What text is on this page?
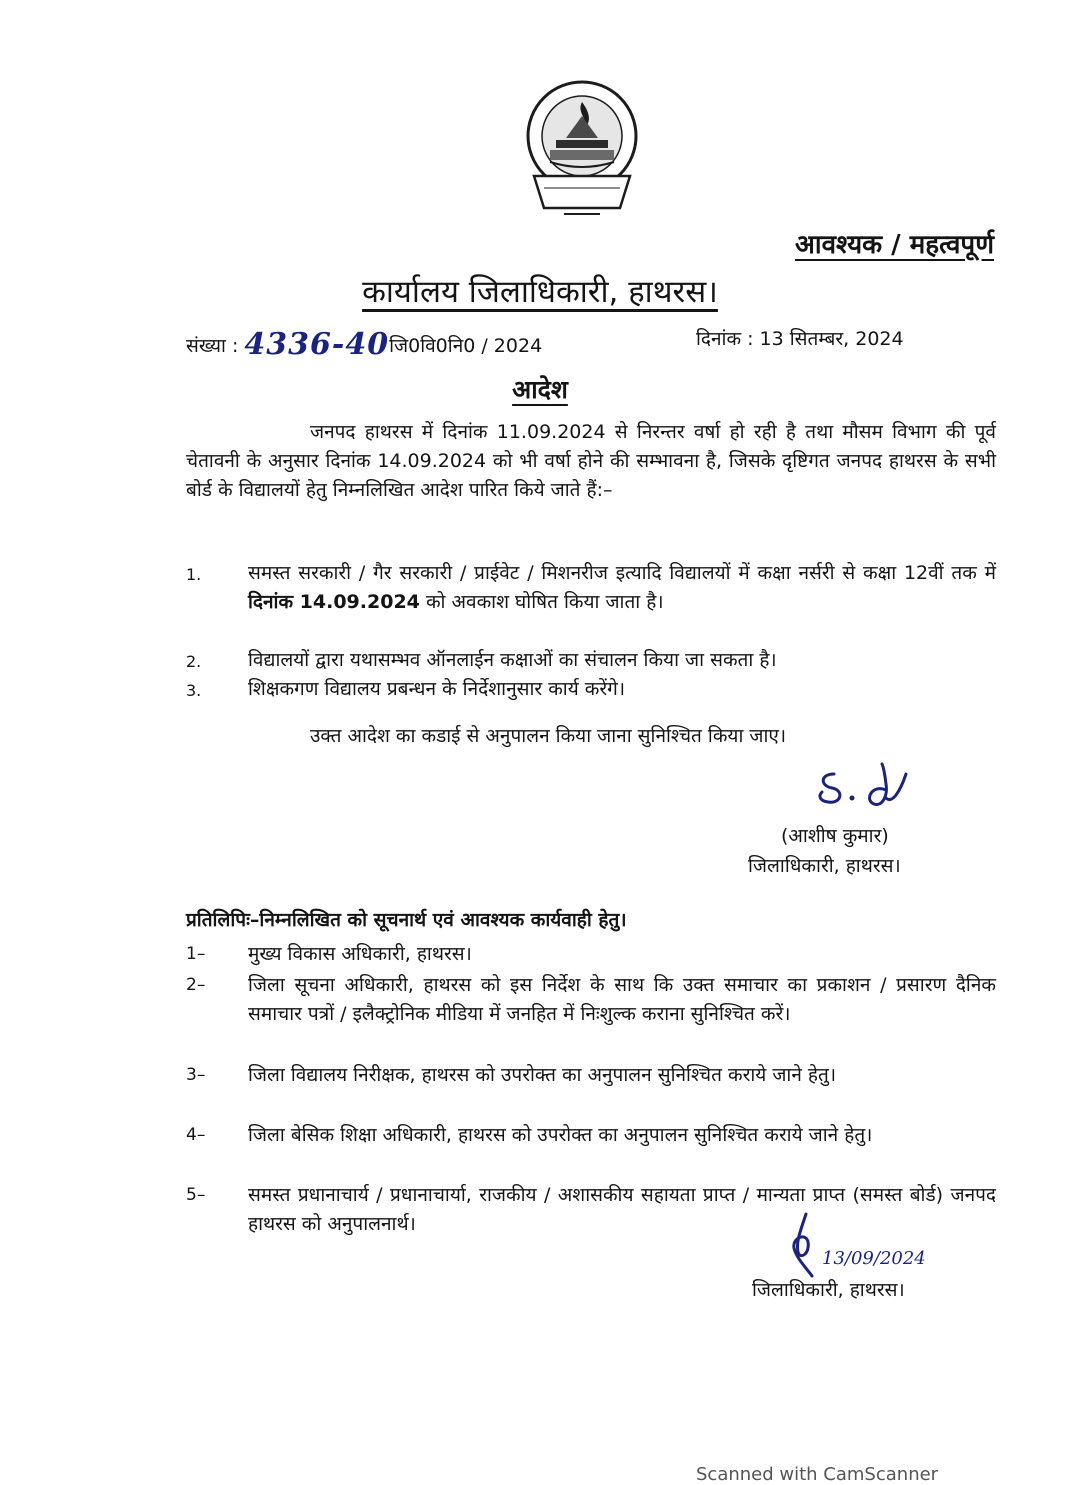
आवश्यक / महत्वपूर्ण
कार्यालय जिलाधिकारी, हाथरस।
संख्या : 4336-40जि0वि0नि0 / 2024	दिनांक : 13 सितम्बर, 2024
आदेश

जनपद हाथरस में दिनांक 11.09.2024 से निरन्तर वर्षा हो रही है तथा मौसम विभाग की पूर्व चेतावनी के अनुसार दिनांक 14.09.2024 को भी वर्षा होने की सम्भावना है, जिसके दृष्टिगत जनपद हाथरस के सभी बोर्ड के विद्यालयों हेतु निम्नलिखित आदेश पारित किये जाते हैं:–

1. समस्त सरकारी / गैर सरकारी / प्राईवेट / मिशनरीज इत्यादि विद्यालयों में कक्षा नर्सरी से कक्षा 12वीं तक में दिनांक 14.09.2024 को अवकाश घोषित किया जाता है।

2. विद्यालयों द्वारा यथासम्भव ऑनलाईन कक्षाओं का संचालन किया जा सकता है।

3. शिक्षकगण विद्यालय प्रबन्धन के निर्देशानुसार कार्य करेंगे।

उक्त आदेश का कडाई से अनुपालन किया जाना सुनिश्चित किया जाए।
(आशीष कुमार)
जिलाधिकारी, हाथरस।
प्रतिलिपिः–निम्नलिखित को सूचनार्थ एवं आवश्यक कार्यवाही हेतु।
1– मुख्य विकास अधिकारी, हाथरस।

2– जिला सूचना अधिकारी, हाथरस को इस निर्देश के साथ कि उक्त समाचार का प्रकाशन / प्रसारण दैनिक समाचार पत्रों / इलैक्ट्रोनिक मीडिया में जनहित में निःशुल्क कराना सुनिश्चित करें।

3– जिला विद्यालय निरीक्षक, हाथरस को उपरोक्त का अनुपालन सुनिश्चित कराये जाने हेतु।

4– जिला बेसिक शिक्षा अधिकारी, हाथरस को उपरोक्त का अनुपालन सुनिश्चित कराये जाने हेतु।

5– समस्त प्रधानाचार्य / प्रधानाचार्या, राजकीय / अशासकीय सहायता प्राप्त / मान्यता प्राप्त (समस्त बोर्ड) जनपद हाथरस को अनुपालनार्थ।

13/09/2024
जिलाधिकारी, हाथरस।
Scanned with CamScanner
